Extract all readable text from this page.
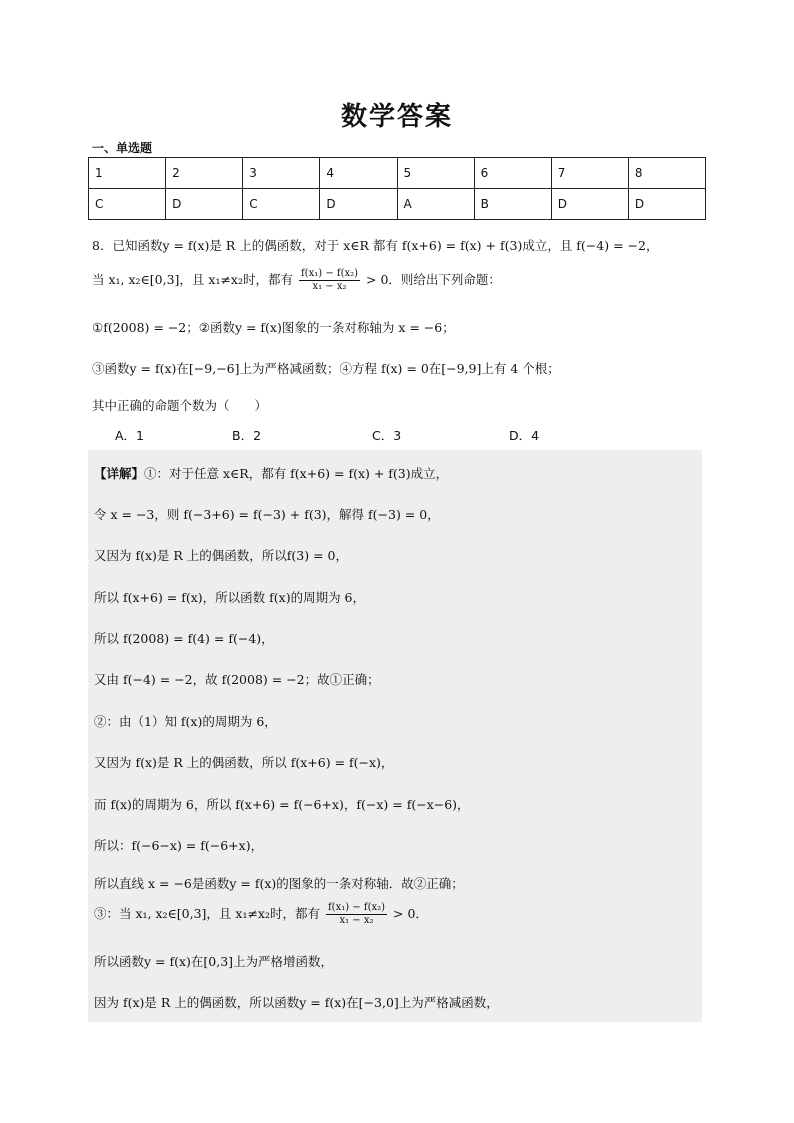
数学答案
一、单选题
1	2	3	4	5	6	7	8
C	D	C	D	A	B	D	D
8．已知函数y = f(x)是 R 上的偶函数，对于 x∈R 都有 f(x+6) = f(x) + f(3)成立，且 f(−4) = −2，
当 x₁, x₂∈[0,3]，且 x₁≠x₂时，都有 $\frac{\text{f(x₁) − f(x₂)}}{\text{x₁ − x₂}} > 0$．则给出下列命题：
①f(2008) = −2；②函数y = f(x)图象的一条对称轴为 x = −6；
③函数y = f(x)在[−9,−6]上为严格减函数；④方程 f(x) = 0在[−9,9]上有 4 个根；
其中正确的命题个数为（　　）
A．1	B．2	C．3	D．4
【详解】①：对于任意 x∈R，都有 f(x+6) = f(x) + f(3)成立，
令 x = −3，则 f(−3+6) = f(−3) + f(3)，解得 f(−3) = 0，
又因为 f(x)是 R 上的偶函数，所以f(3) = 0，
所以 f(x+6) = f(x)，所以函数 f(x)的周期为 6，
所以 f(2008) = f(4) = f(−4)，
又由 f(−4) = −2，故 f(2008) = −2；故①正确；
②：由（1）知 f(x)的周期为 6，
又因为 f(x)是 R 上的偶函数，所以 f(x+6) = f(−x)，
而 f(x)的周期为 6，所以 f(x+6) = f(−6+x)，f(−x) = f(−x−6)，
所以：f(−6−x) = f(−6+x)，
所以直线 x = −6是函数y = f(x)的图象的一条对称轴．故②正确；
③：当 x₁, x₂∈[0,3]，且 x₁≠x₂时，都有 $\frac{\text{f(x₁) − f(x₂)}}{\text{x₁ − x₂}} > 0$．
所以函数y = f(x)在[0,3]上为严格增函数，
因为 f(x)是 R 上的偶函数，所以函数y = f(x)在[−3,0]上为严格减函数，
